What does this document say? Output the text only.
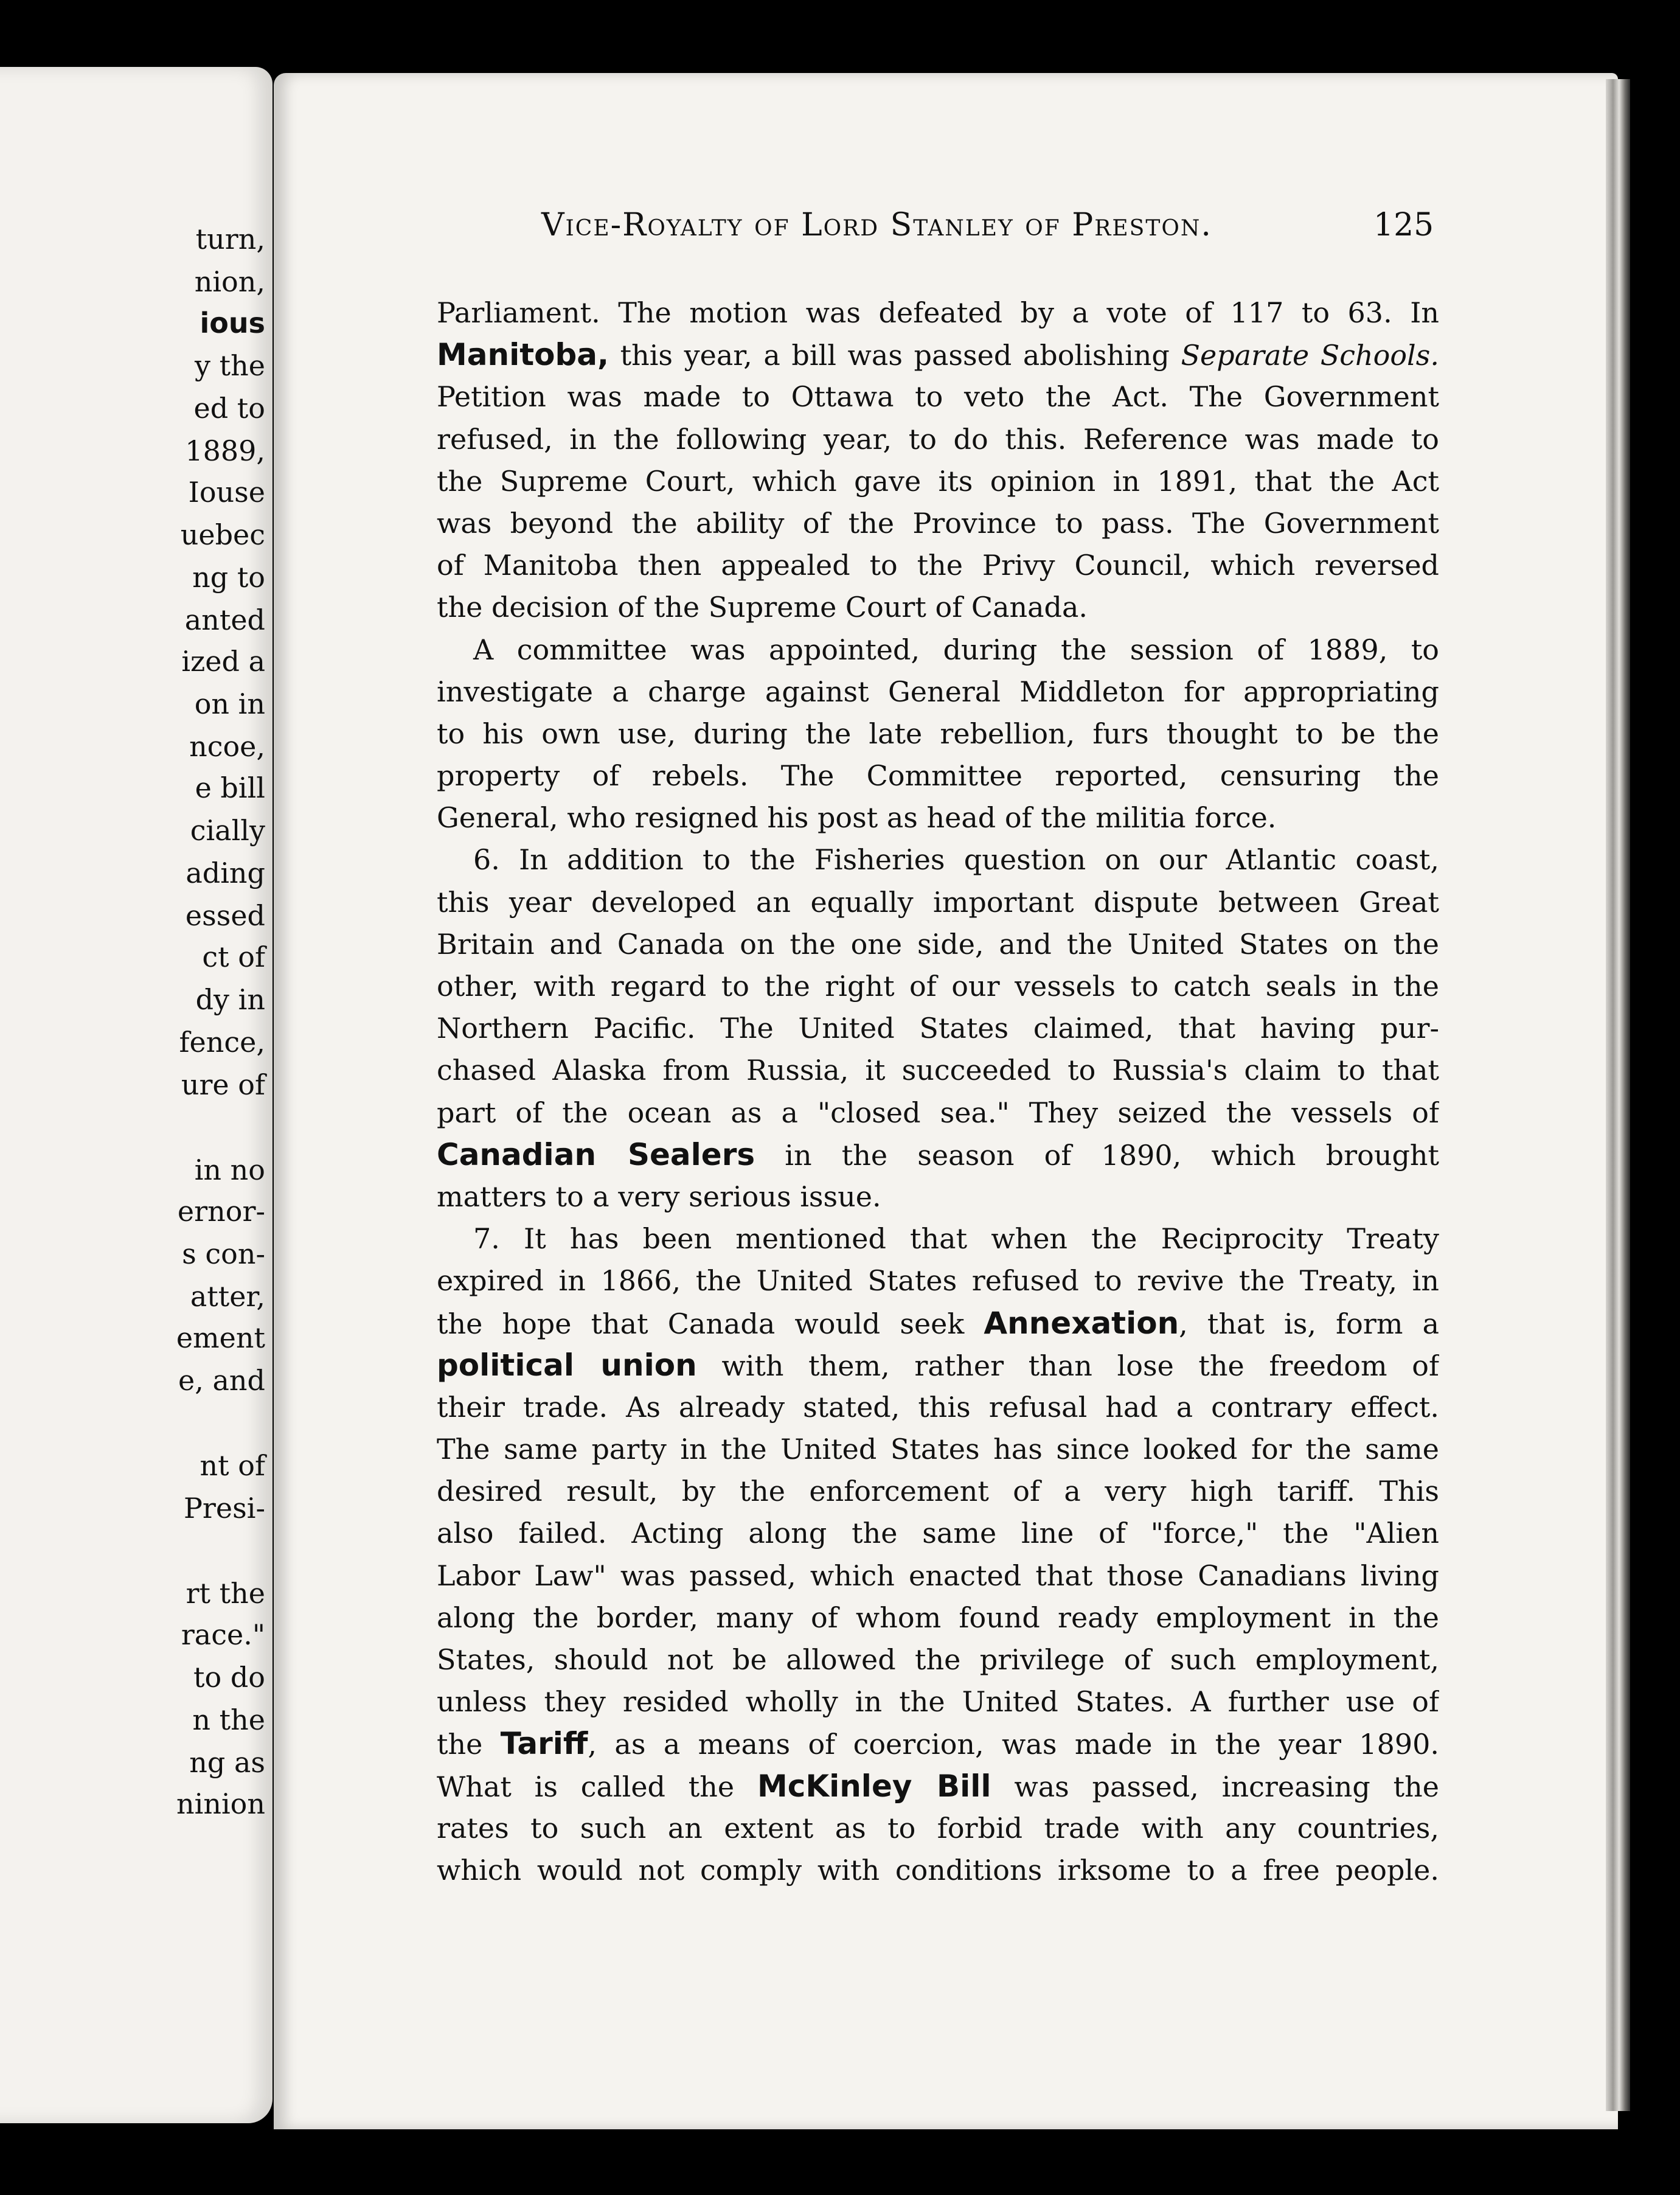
turn,
nion,
ious
y the
ed to
1889,
Iouse
uebec
ng to
anted
ized a
on in
ncoe,
e bill
cially
ading
essed
ct of
dy in
fence,
ure of
in no
ernor-
s con-
atter,
ement
e, and
nt of
Presi-
rt the
race."
to do
n the
ng as
ninion
Vice-Royalty of Lord Stanley of Preston.	125
Parliament. The motion was defeated by a vote of 117 to 63. In
Manitoba, this year, a bill was passed abolishing Separate Schools.
Petition was made to Ottawa to veto the Act. The Government
refused, in the following year, to do this. Reference was made to
the Supreme Court, which gave its opinion in 1891, that the Act
was beyond the ability of the Province to pass. The Government
of Manitoba then appealed to the Privy Council, which reversed
the decision of the Supreme Court of Canada.
A committee was appointed, during the session of 1889, to
investigate a charge against General Middleton for appropriating
to his own use, during the late rebellion, furs thought to be the
property of rebels. The Committee reported, censuring the
General, who resigned his post as head of the militia force.
6. In addition to the Fisheries question on our Atlantic coast,
this year developed an equally important dispute between Great
Britain and Canada on the one side, and the United States on the
other, with regard to the right of our vessels to catch seals in the
Northern Pacific. The United States claimed, that having pur-
chased Alaska from Russia, it succeeded to Russia's claim to that
part of the ocean as a "closed sea." They seized the vessels of
Canadian Sealers in the season of 1890, which brought
matters to a very serious issue.
7. It has been mentioned that when the Reciprocity Treaty
expired in 1866, the United States refused to revive the Treaty, in
the hope that Canada would seek Annexation, that is, form a
political union with them, rather than lose the freedom of
their trade. As already stated, this refusal had a contrary effect.
The same party in the United States has since looked for the same
desired result, by the enforcement of a very high tariff. This
also failed. Acting along the same line of "force," the "Alien
Labor Law" was passed, which enacted that those Canadians living
along the border, many of whom found ready employment in the
States, should not be allowed the privilege of such employment,
unless they resided wholly in the United States. A further use of
the Tariff, as a means of coercion, was made in the year 1890.
What is called the McKinley Bill was passed, increasing the
rates to such an extent as to forbid trade with any countries,
which would not comply with conditions irksome to a free people.
